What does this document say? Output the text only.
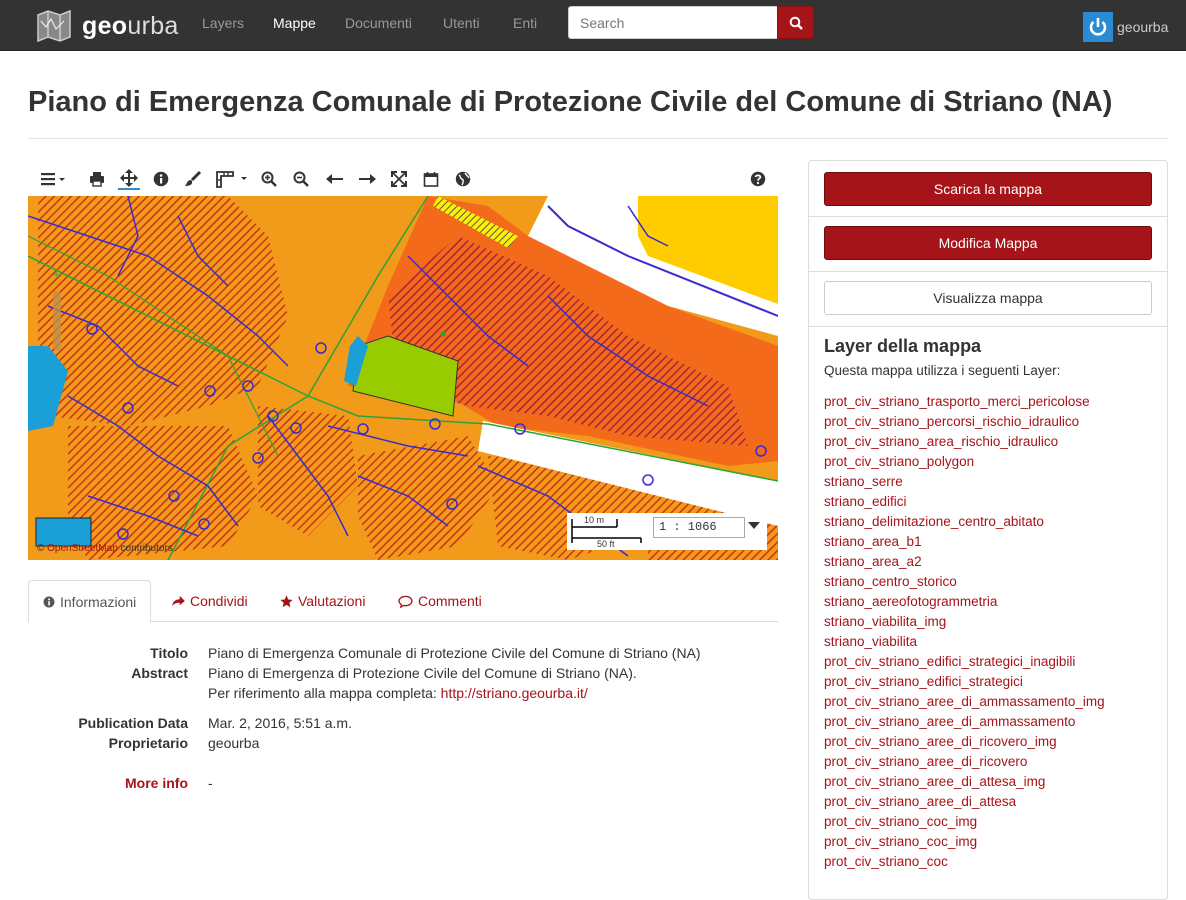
geourba Layers Mappe Documenti Utenti Enti
Search	geourba
Piano di Emergenza Comunale di Protezione Civile del Comune di Striano (NA)
+
© OpenStreetMap contributors
10 m
50 ft
1 : 1066
Informazioni	Condividi	Valutazioni	Commenti
Titolo Piano di Emergenza Comunale di Protezione Civile del Comune di Striano (NA)
Abstract Piano di Emergenza di Protezione Civile del Comune di Striano (NA).
Per riferimento alla mappa completa: http://striano.geourba.it/
Publication Data Mar. 2, 2016, 5:51 a.m.
Proprietario geourba
More info -
Scarica la mappa
Modifica Mappa
Visualizza mappa
Layer della mappa
Questa mappa utilizza i seguenti Layer:
prot_civ_striano_trasporto_merci_pericolose
prot_civ_striano_percorsi_rischio_idraulico
prot_civ_striano_area_rischio_idraulico
prot_civ_striano_polygon
striano_serre
striano_edifici
striano_delimitazione_centro_abitato
striano_area_b1
striano_area_a2
striano_centro_storico
striano_aereofotogrammetria
striano_viabilita_img
striano_viabilita
prot_civ_striano_edifici_strategici_inagibili
prot_civ_striano_edifici_strategici
prot_civ_striano_aree_di_ammassamento_img
prot_civ_striano_aree_di_ammassamento
prot_civ_striano_aree_di_ricovero_img
prot_civ_striano_aree_di_ricovero
prot_civ_striano_aree_di_attesa_img
prot_civ_striano_aree_di_attesa
prot_civ_striano_coc_img
prot_civ_striano_coc_img
prot_civ_striano_coc
